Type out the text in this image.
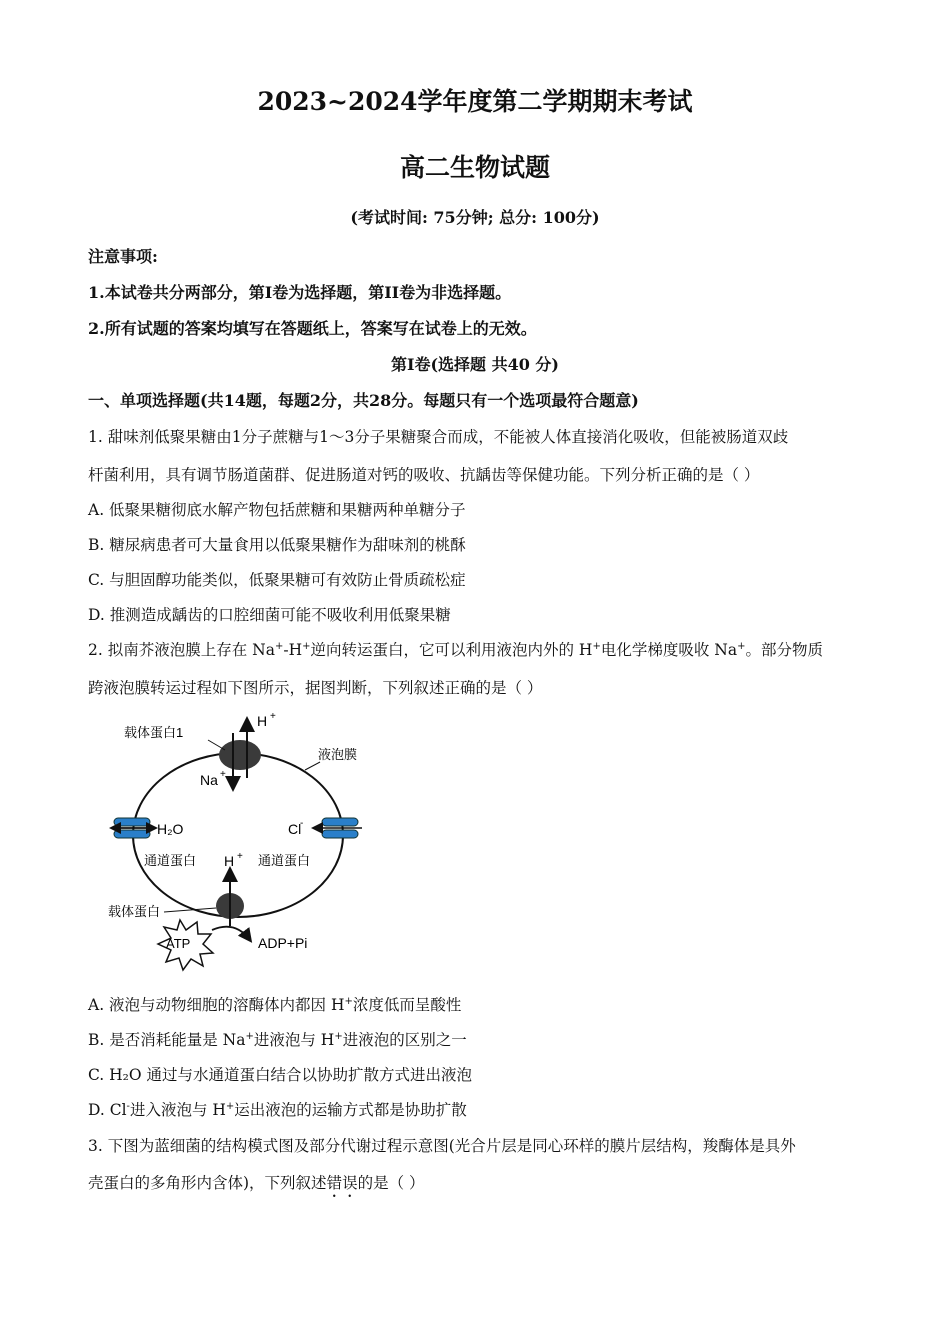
2023~2024学年度第二学期期末考试
高二生物试题
(考试时间: 75分钟; 总分: 100分)
注意事项:
1.本试卷共分两部分，第I卷为选择题，第II卷为非选择题。
2.所有试题的答案均填写在答题纸上，答案写在试卷上的无效。
第I卷(选择题 共40 分)
一、单项选择题(共14题，每题2分，共28分。每题只有一个选项最符合题意)
1. 甜味剂低聚果糖由1分子蔗糖与1～3分子果糖聚合而成，不能被人体直接消化吸收，但能被肠道双歧
杆菌利用，具有调节肠道菌群、促进肠道对钙的吸收、抗龋齿等保健功能。下列分析正确的是（ ）
A. 低聚果糖彻底水解产物包括蔗糖和果糖两种单糖分子
B. 糖尿病患者可大量食用以低聚果糖作为甜味剂的桃酥
C. 与胆固醇功能类似，低聚果糖可有效防止骨质疏松症
D. 推测造成龋齿的口腔细菌可能不吸收利用低聚果糖
2. 拟南芥液泡膜上存在 Na+-H+逆向转运蛋白，它可以利用液泡内外的 H+电化学梯度吸收 Na+。部分物质
跨液泡膜转运过程如下图所示，据图判断，下列叙述正确的是（ ）
H +
Na +
载体蛋白1
液泡膜
H₂O
通道蛋白
Cl
-
通道蛋白
H +
载体蛋白
ATP	ADP+Pi
A. 液泡与动物细胞的溶酶体内都因 H+浓度低而呈酸性
B. 是否消耗能量是 Na+进液泡与 H+进液泡的区别之一
C. H₂O 通过与水通道蛋白结合以协助扩散方式进出液泡
D. Cl-进入液泡与 H+运出液泡的运输方式都是协助扩散
3. 下图为蓝细菌的结构模式图及部分代谢过程示意图(光合片层是同心环样的膜片层结构，羧酶体是具外
壳蛋白的多角形内含体)，下列叙述错误的是（ ）
